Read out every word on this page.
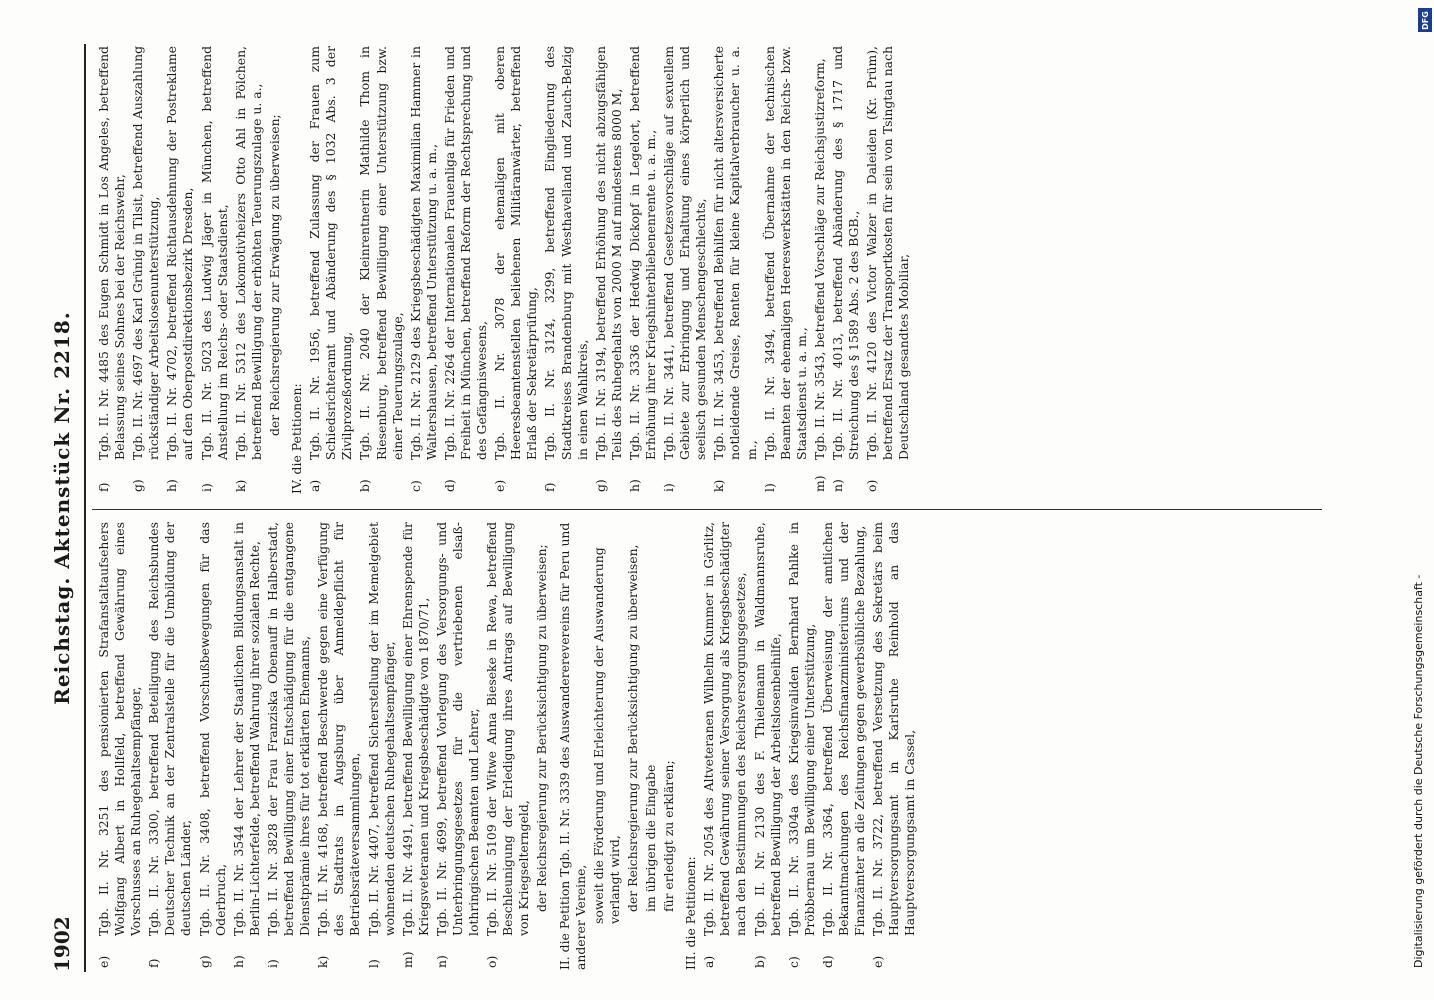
1902
Reichstag. Aktenstück Nr. 2218.
e)
Tgb. II. Nr. 3251 des pensionierten Strafanstaltaufsehers Wolfgang Albert in Hollfeld, betreffend Gewährung eines Vorschusses an Ruhegehaltsempfänger,
f)
Tgb. II. Nr. 3300, betreffend Beteiligung des Reichsbundes Deutscher Technik an der Zentralstelle für die Umbildung der deutschen Länder,
g)
Tgb. II. Nr. 3408, betreffend Vorschußbewegungen für das Oderbruch,
h)
Tgb. II. Nr. 3544 der Lehrer der Staatlichen Bildungsanstalt in Berlin-Lichterfelde, betreffend Wahrung ihrer sozialen Rechte,
i)
Tgb. II. Nr. 3828 der Frau Franziska Obenauff in Halberstadt, betreffend Bewilligung einer Entschädigung für die entgangene Dienstprämie ihres für tot erklärten Ehemanns,
k)
Tgb. II. Nr. 4168, betreffend Beschwerde gegen eine Verfügung des Stadtrats in Augsburg über Anmeldepflicht für Betriebsräteversammlungen,
l)
Tgb. II. Nr. 4407, betreffend Sicherstellung der im Memelgebiet wohnenden deutschen Ruhegehaltsempfänger,
m)
Tgb. II. Nr. 4491, betreffend Bewilligung einer Ehrenspende für Kriegsveteranen und Kriegsbeschädigte von 1870/71,
n)
Tgb. II. Nr. 4699, betreffend Vorlegung des Versorgungs- und Unterbringungsgesetzes für die vertriebenen elsaß-lothringischen Beamten und Lehrer,
o)
Tgb. II. Nr. 5109 der Witwe Anna Bieseke in Rewa, betreffend Beschleunigung der Erledigung ihres Antrags auf Bewilligung von Kriegselterngeld, der Reichsregierung zur Berücksichtigung zu überweisen; II. die Petition Tgb. II. Nr. 3339 des Auswandererevereins für Peru und anderer Vereine, soweit die Förderung und Erleichterung der Auswanderung verlangt wird, der Reichsregierung zur Berücksichtigung zu überweisen, im übrigen die Eingabe für erledigt zu erklären;
III. die Petitionen: a)
Tgb. II. Nr. 2054 des Altveteranen Wilhelm Kummer in Görlitz, betreffend Gewährung seiner Versorgung als Kriegsbeschädigter nach den Bestimmungen des Reichsversorgungsgesetzes,
b)
Tgb. II. Nr. 2130 des F. Thielemann in Waldmannsruhe, betreffend Bewilligung der Arbeitslosenbeihilfe,
c)
Tgb. II. Nr. 3304a des Kriegsinvaliden Bernhard Pahlke in Pröbbernau um Bewilligung einer Unterstützung,
d)
Tgb. II. Nr. 3364, betreffend Überweisung der amtlichen Bekanntmachungen des Reichsfinanzministeriums und der Finanzämter an die Zeitungen gegen gewerbsübliche Bezahlung,
e)
Tgb. II. Nr. 3722, betreffend Versetzung des Sekretärs beim Hauptversorgungsamt in Karlsruhe Reinhold an das Hauptversorgungsamt in Cassel,
f)
Tgb. II. Nr. 4485 des Eugen Schmidt in Los Angeles, betreffend Belassung seines Sohnes bei der Reichswehr,
g)
Tgb. II. Nr. 4697 des Karl Grünig in Tilsit, betreffend Auszahlung rückständiger Arbeitslosenunterstützung,
h)
Tgb. II. Nr. 4702, betreffend Richtausdehnung der Postreklame auf den Oberpostdirektionsbezirk Dresden,
i)
Tgb. II. Nr. 5023 des Ludwig Jäger in München, betreffend Anstellung im Reichs- oder Staatsdienst,
k)
Tgb. II. Nr. 5312 des Lokomotivheizers Otto Ahl in Pölchen, betreffend Bewilligung der erhöhten Teuerungszulage u. a., der Reichsregierung zur Erwägung zu überweisen;
IV. die Petitionen: a)
Tgb. II. Nr. 1956, betreffend Zulassung der Frauen zum Schiedsrichteramt und Abänderung des § 1032 Abs. 3 der Zivilprozeßordnung,
b)
Tgb. II. Nr. 2040 der Kleinrentnerin Mathilde Thom in Riesenburg, betreffend Bewilligung einer Unterstützung bzw. einer Teuerungszulage,
c)
Tgb. II. Nr. 2129 des Kriegsbeschädigten Maximilian Hammer in Waltershausen, betreffend Unterstützung u. a. m.,
d)
Tgb. II. Nr. 2264 der Internationalen Frauenliga für Frieden und Freiheit in München, betreffend Reform der Rechtsprechung und des Gefängniswesens,
e)
Tgb. II. Nr. 3078 der ehemaligen mit oberen Heeresbeamtenstellen beliehenen Militäranwärter, betreffend Erlaß der Sekretärprüfung,
f)
Tgb. II. Nr. 3124, 3299, betreffend Eingliederung des Stadtkreises Brandenburg mit Westhavelland und Zauch-Belzig in einen Wahlkreis,
g)
Tgb. II. Nr. 3194, betreffend Erhöhung des nicht abzugsfähigen Teils des Ruhegehalts von 2000 M auf mindestens 8000 M,
h)
Tgb. II. Nr. 3336 der Hedwig Dickopf in Legelort, betreffend Erhöhung ihrer Kriegshinterbliebenenrente u. a. m.,
i)
Tgb. II. Nr. 3441, betreffend Gesetzesvorschläge auf sexuellem Gebiete zur Erbringung und Erhaltung eines körperlich und seelisch gesunden Menschengeschlechts,
k)
Tgb. II. Nr. 3453, betreffend Beihilfen für nicht altersversicherte notleidende Greise, Renten für kleine Kapitalverbraucher u. a. m.,
l)
Tgb. II. Nr. 3494, betreffend Übernahme der technischen Beamten der ehemaligen Heereswerkstätten in den Reichs- bzw. Staatsdienst u. a. m.,
m)
Tgb. II. Nr. 3543, betreffend Vorschläge zur Reichsjustizreform,
n)
Tgb. II. Nr. 4013, betreffend Abänderung des § 1717 und Streichung des § 1589 Abs. 2 des BGB.,
o)
Tgb. II. Nr. 4120 des Victor Walzer in Daleiden (Kr. Prüm), betreffend Ersatz der Transportkosten für sein von Tsingtau nach Deutschland gesandtes Mobiliar,
Digitalisierung gefördert durch die Deutsche Forschungsgemeinschaft -
DFG
